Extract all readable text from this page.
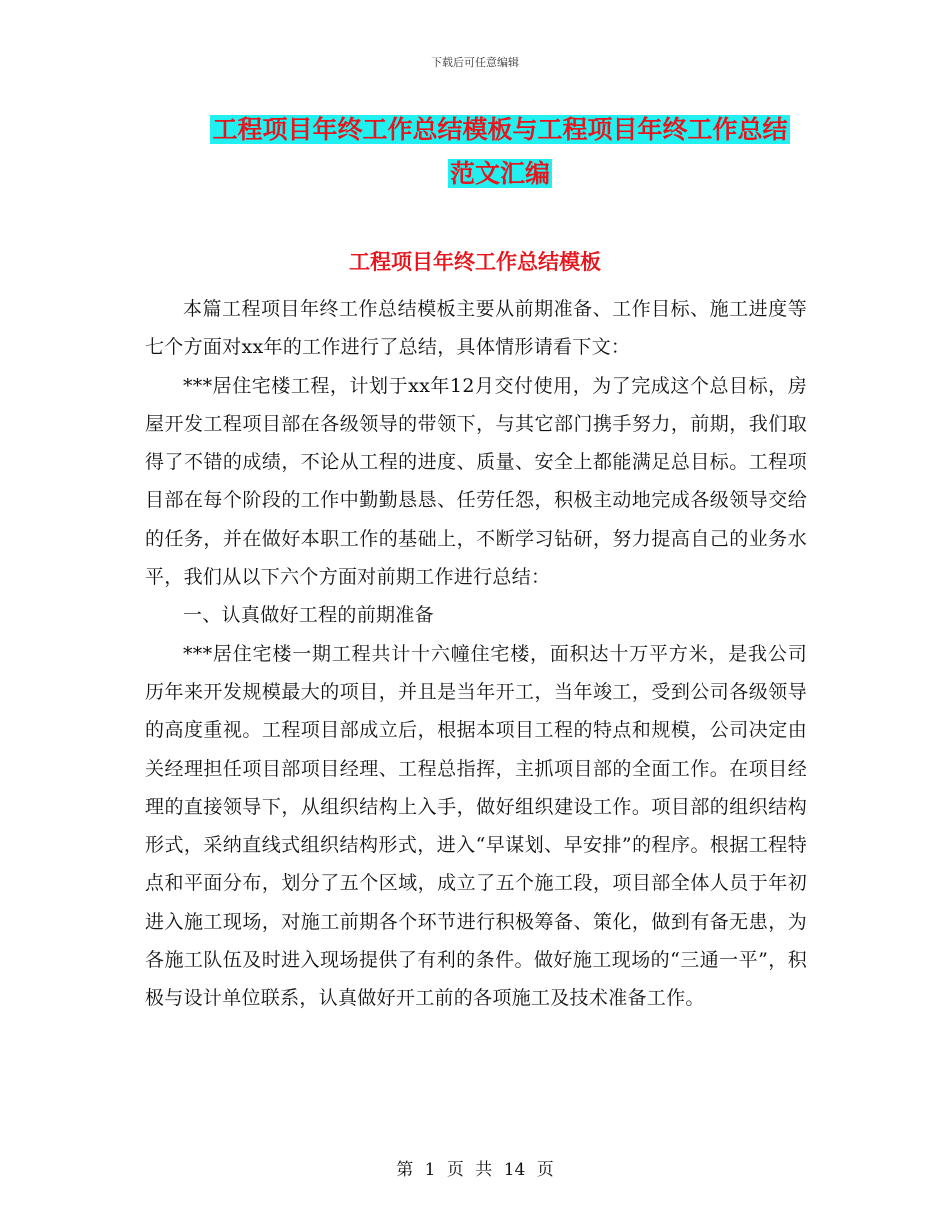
下载后可任意编辑
工程项目年终工作总结模板与工程项目年终工作总结
范文汇编
工程项目年终工作总结模板

本篇工程项目年终工作总结模板主要从前期准备、工作目标、施工进度等七个方面对xx年的工作进行了总结，具体情形请看下文：

***居住宅楼工程，计划于xx年12月交付使用，为了完成这个总目标，房屋开发工程项目部在各级领导的带领下，与其它部门携手努力，前期，我们取得了不错的成绩，不论从工程的进度、质量、安全上都能满足总目标。工程项目部在每个阶段的工作中勤勤恳恳、任劳任怨，积极主动地完成各级领导交给的任务，并在做好本职工作的基础上，不断学习钻研，努力提高自己的业务水平，我们从以下六个方面对前期工作进行总结：

一、认真做好工程的前期准备

***居住宅楼一期工程共计十六幢住宅楼，面积达十万平方米，是我公司历年来开发规模最大的项目，并且是当年开工，当年竣工，受到公司各级领导的高度重视。工程项目部成立后，根据本项目工程的特点和规模，公司决定由关经理担任项目部项目经理、工程总指挥，主抓项目部的全面工作。在项目经理的直接领导下，从组织结构上入手，做好组织建设工作。项目部的组织结构形式，采纳直线式组织结构形式，进入“早谋划、早安排”的程序。根据工程特点和平面分布，划分了五个区域，成立了五个施工段，项目部全体人员于年初进入施工现场，对施工前期各个环节进行积极筹备、策化，做到有备无患，为各施工队伍及时进入现场提供了有利的条件。做好施工现场的“三通一平”，积极与设计单位联系，认真做好开工前的各项施工及技术准备工作。

第 1 页 共 14 页
